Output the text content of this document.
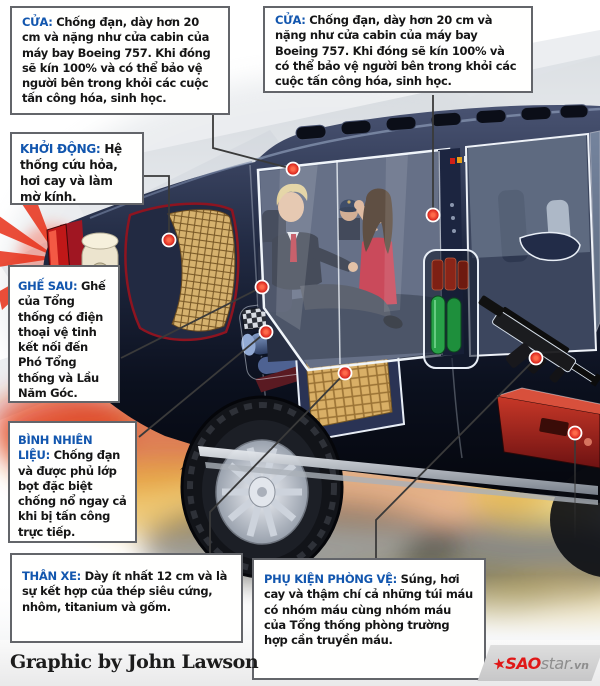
CỬA: Chống đạn, dày hơn 20 cm và nặng như cửa cabin của máy bay Boeing 757. Khi đóng sẽ kín 100% và có thể bảo vệ người bên trong khỏi các cuộc tấn công hóa, sinh học.
CỬA: Chống đạn, dày hơn 20 cm và nặng như cửa cabin của máy bay Boeing 757. Khi đóng sẽ kín 100% và có thể bảo vệ người bên trong khỏi các cuộc tấn công hóa, sinh học.
KHỞI ĐỘNG: Hệ thống cứu hỏa, hơi cay và làm mờ kính.
GHẾ SAU: Ghế của Tổng thống có điện thoại vệ tinh kết nối đến Phó Tổng thống và Lầu Năm Góc.
BÌNH NHIÊN LIỆU: Chống đạn và được phủ lớp bọt đặc biệt chống nổ ngay cả khi bị tấn công trực tiếp.
THÂN XE: Dày ít nhất 12 cm và là sự kết hợp của thép siêu cứng, nhôm, titanium và gốm.
PHỤ KIỆN PHÒNG VỆ: Súng, hơi cay và thậm chí cả những túi máu có nhóm máu cùng nhóm máu của Tổng thống phòng trường hợp cần truyền máu.
Graphic by John Lawson	★
SAO star .vn
